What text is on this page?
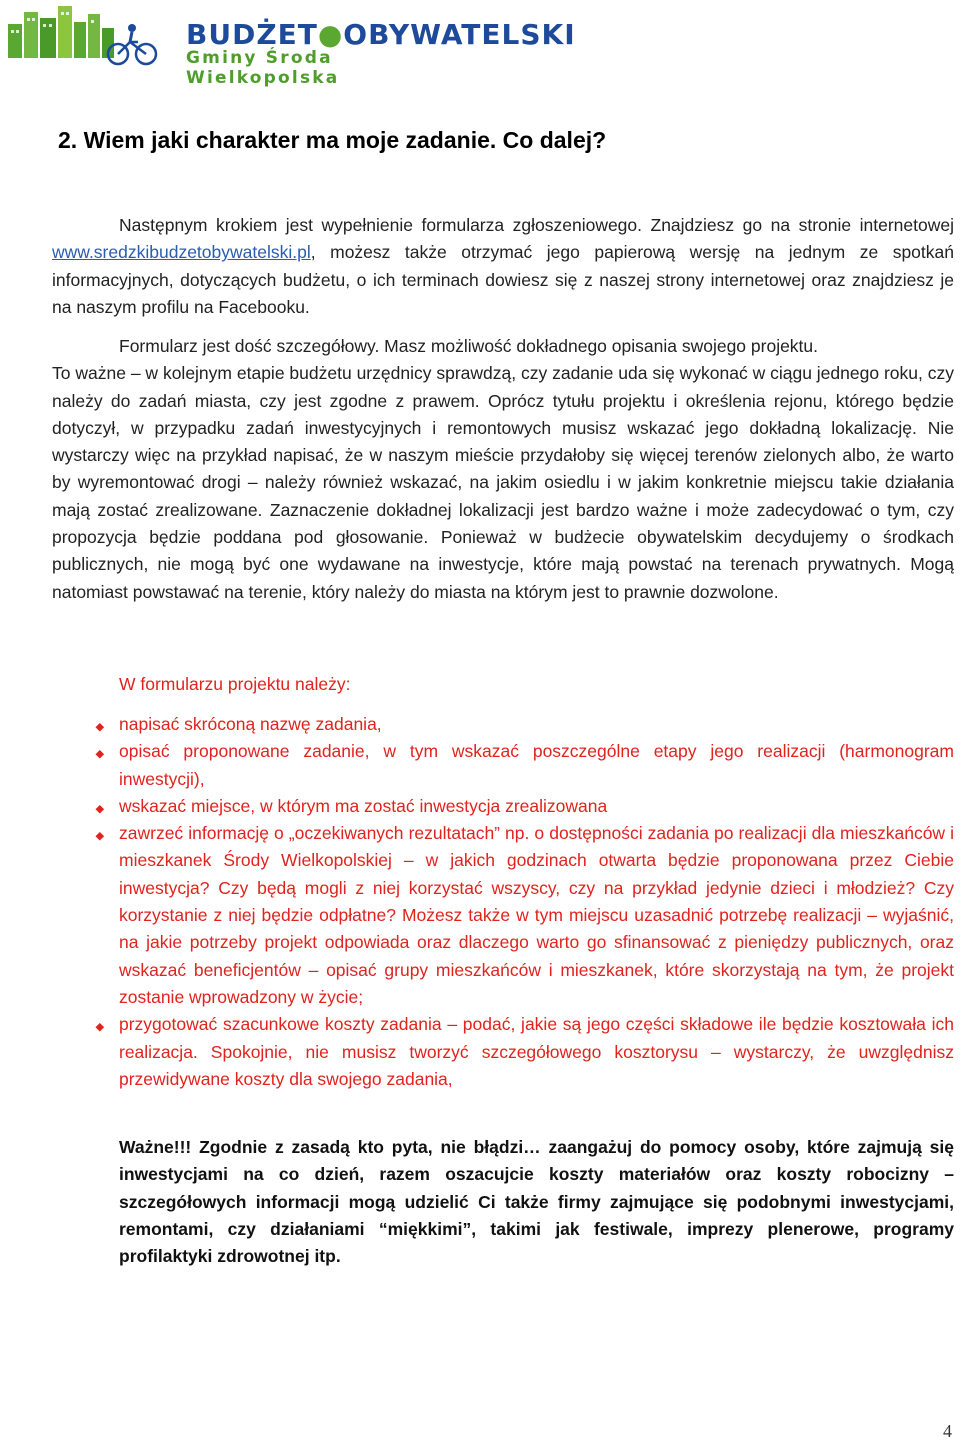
BUDŻET●OBYWATELSKI
Gminy Środa Wielkopolska
2. Wiem jaki charakter ma moje zadanie. Co dalej?
Następnym krokiem jest wypełnienie formularza zgłoszeniowego. Znajdziesz go na stronie internetowej www.sredzkibudzetobywatelski.pl, możesz także otrzymać jego papierową wersję na jednym ze spotkań informacyjnych, dotyczących budżetu, o ich terminach dowiesz się z naszej strony internetowej oraz znajdziesz je na naszym profilu na Facebooku.
Formularz jest dość szczegółowy. Masz możliwość dokładnego opisania swojego projektu.
To ważne – w kolejnym etapie budżetu urzędnicy sprawdzą, czy zadanie uda się wykonać w ciągu jednego roku, czy należy do zadań miasta, czy jest zgodne z prawem. Oprócz tytułu projektu i określenia rejonu, którego będzie dotyczył, w przypadku zadań inwestycyjnych i remontowych musisz wskazać jego dokładną lokalizację. Nie wystarczy więc na przykład napisać, że w naszym mieście przydałoby się więcej terenów zielonych albo, że warto by wyremontować drogi – należy również wskazać, na jakim osiedlu i w jakim konkretnie miejscu takie działania mają zostać zrealizowane. Zaznaczenie dokładnej lokalizacji jest bardzo ważne i może zadecydować o tym, czy propozycja będzie poddana pod głosowanie. Ponieważ w budżecie obywatelskim decydujemy o środkach publicznych, nie mogą być one wydawane na inwestycje, które mają powstać na terenach prywatnych. Mogą natomiast powstawać na terenie, który należy do miasta na którym jest to prawnie dozwolone.
W formularzu projektu należy:
⯁ napisać skróconą nazwę zadania,
⯁ opisać proponowane zadanie, w tym wskazać poszczególne etapy jego realizacji (harmonogram inwestycji),
⯁ wskazać miejsce, w którym ma zostać inwestycja zrealizowana
⯁ zawrzeć informację o „oczekiwanych rezultatach” np. o dostępności zadania po realizacji dla mieszkańców i mieszkanek Środy Wielkopolskiej – w jakich godzinach otwarta będzie proponowana przez Ciebie inwestycja? Czy będą mogli z niej korzystać wszyscy, czy na przykład jedynie dzieci i młodzież? Czy korzystanie z niej będzie odpłatne? Możesz także w tym miejscu uzasadnić potrzebę realizacji – wyjaśnić, na jakie potrzeby projekt odpowiada oraz dlaczego warto go sfinansować z pieniędzy publicznych, oraz wskazać beneficjentów – opisać grupy mieszkańców i mieszkanek, które skorzystają na tym, że projekt zostanie wprowadzony w życie;
⯁ przygotować szacunkowe koszty zadania – podać, jakie są jego części składowe ile będzie kosztowała ich realizacja. Spokojnie, nie musisz tworzyć szczegółowego kosztorysu – wystarczy, że uwzględnisz przewidywane koszty dla swojego zadania,
Ważne!!! Zgodnie z zasadą kto pyta, nie błądzi… zaangażuj do pomocy osoby, które zajmują się inwestycjami na co dzień, razem oszacujcie koszty materiałów oraz koszty robocizny – szczegółowych informacji mogą udzielić Ci także firmy zajmujące się podobnymi inwestycjami, remontami, czy działaniami “miękkimi”, takimi jak festiwale, imprezy plenerowe, programy profilaktyki zdrowotnej itp.
4
